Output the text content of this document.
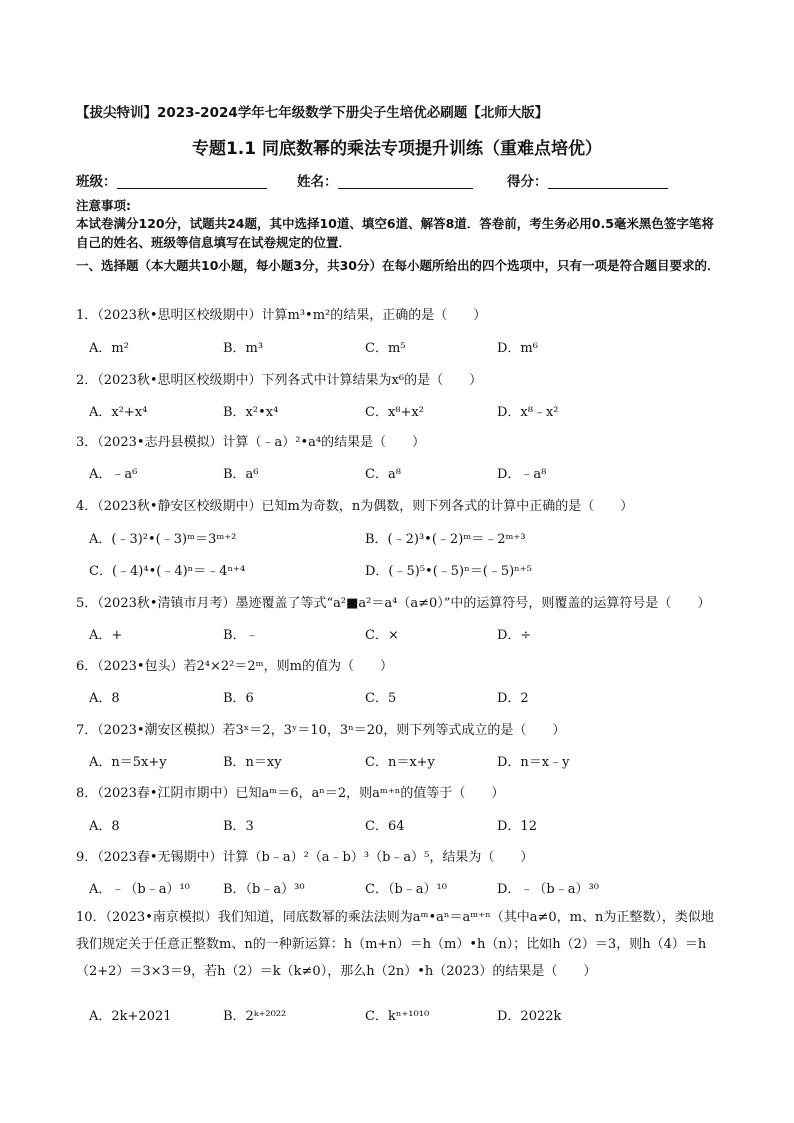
【拔尖特训】2023-2024学年七年级数学下册尖子生培优必刷题【北师大版】
专题1.1 同底数幂的乘法专项提升训练（重难点培优）
班级：	姓名：	得分：
注意事项:
本试卷满分120分，试题共24题，其中选择10道、填空6道、解答8道．答卷前，考生务必用0.5毫米黑色签字笔将自己的姓名、班级等信息填写在试卷规定的位置．
一、选择题（本大题共10小题，每小题3分，共30分）在每小题所给出的四个选项中，只有一项是符合题目要求的．
1．（2023秋•思明区校级期中）计算m³•m²的结果，正确的是（　　）
A．m²	B．m³	C．m⁵	D．m⁶
2．（2023秋•思明区校级期中）下列各式中计算结果为x⁶的是（　　）
A．x²+x⁴	B．x²•x⁴	C．x⁸+x²	D．x⁸﹣x²
3．（2023•志丹县模拟）计算（﹣a）²•a⁴的结果是（　　）
A．﹣a⁶	B．a⁶	C．a⁸	D．﹣a⁸
4．（2023秋•静安区校级期中）已知m为奇数，n为偶数，则下列各式的计算中正确的是（　　）
A．(﹣3)²•(﹣3)ᵐ＝3ᵐ⁺²	B．(﹣2)³•(﹣2)ᵐ＝﹣2ᵐ⁺³
C．(﹣4)⁴•(﹣4)ⁿ＝﹣4ⁿ⁺⁴	D．(﹣5)⁵•(﹣5)ⁿ＝(﹣5)ⁿ⁺⁵
5．（2023秋•清镇市月考）墨迹覆盖了等式“a²■a²＝a⁴（a≠0）”中的运算符号，则覆盖的运算符号是（　　）
A．+	B．﹣	C．×	D．÷
6．（2023•包头）若2⁴×2²＝2ᵐ，则m的值为（　　）
A．8	B．6	C．5	D．2
7．（2023•潮安区模拟）若3ˣ＝2，3ʸ＝10，3ⁿ＝20，则下列等式成立的是（　　）
A．n＝5x+y	B．n＝xy	C．n＝x+y	D．n＝x﹣y
8．（2023春•江阴市期中）已知aᵐ＝6，aⁿ＝2，则aᵐ⁺ⁿ的值等于（　　）
A．8	B．3	C．64	D．12
9．（2023春•无锡期中）计算（b﹣a）²（a﹣b）³（b﹣a）⁵，结果为（　　）
A．﹣（b﹣a）¹⁰	B．（b﹣a）³⁰	C．（b﹣a）¹⁰	D．﹣（b﹣a）³⁰
10．（2023•南京模拟）我们知道，同底数幂的乘法法则为aᵐ•aⁿ＝aᵐ⁺ⁿ（其中a≠0，m、n为正整数），类似地我们规定关于任意正整数m、n的一种新运算：h（m+n）＝h（m）•h（n）；比如h（2）＝3，则h（4）＝h（2+2）＝3×3＝9，若h（2）＝k（k≠0），那么h（2n）•h（2023）的结果是（　　）
A．2k+2021	B．2ᵏ⁺²⁰²²	C．kⁿ⁺¹⁰¹⁰	D．2022k
